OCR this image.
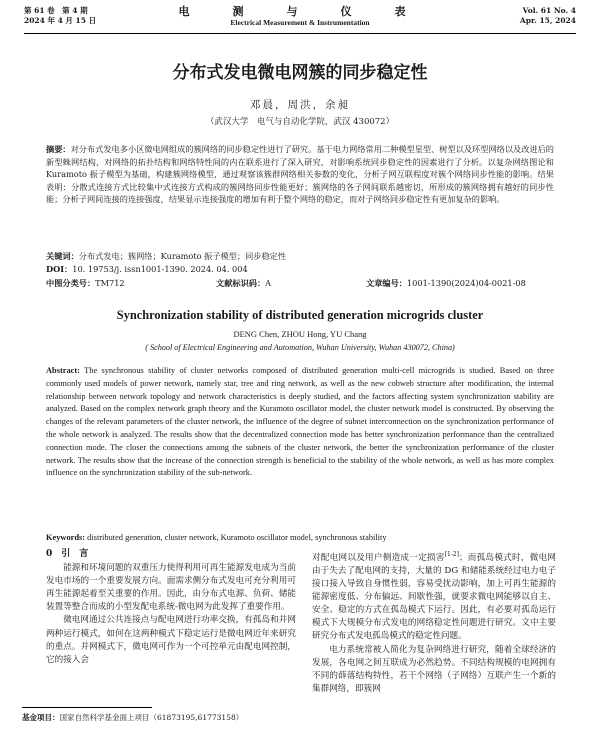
第 61 卷　第 4 期
2024 年 4 月 15 日
电　测　与　仪　表
Electrical Measurement & Instrumentation
Vol. 61 No. 4
Apr. 15, 2024
分布式发电微电网簇的同步稳定性
邓晨，周洪，余昶
（武汉大学　电气与自动化学院，武汉 430072）
摘要：对分布式发电多小区微电网组成的簇网络的同步稳定性进行了研究。基于电力网络常用二种模型星型、树型以及环型网络以及改进后的新型蛛网结构，对网络的拓扑结构和网络特性间的内在联系进行了深入研究，对影响系统同步稳定性的因素进行了分析。以复杂网络图论和 Kuramoto 振子模型为基础，构建簇网络模型，通过观察该簇群网络相关参数的变化，分析子网互联程度对簇个网络同步性能的影响。结果表明：分散式连接方式比较集中式连接方式构成的簇网络同步性能更好；簇网络的各子网间联系越密切，所形成的簇网络拥有越好的同步性能；分析子网间连接的连接强度，结果显示连接强度的增加有利于整个网络的稳定，而对子网络同步稳定性有更加复杂的影响。
关键词：分布式发电；簇网络；Kuramoto 振子模型；同步稳定性
DOI：10. 19753/j. issn1001-1390. 2024. 04. 004
中图分类号：TM712	文献标识码：A	文章编号：1001-1390(2024)04-0021-08
Synchronization stability of distributed generation microgrids cluster
DENG Chen, ZHOU Hong, YU Chang
( School of Electrical Engineering and Automation, Wuhan University, Wuhan 430072, China)
Abstract: The synchronous stability of cluster networks composed of distributed generation multi-cell microgrids is studied. Based on three commonly used models of power network, namely star, tree and ring network, as well as the new cobweb structure after modification, the internal relationship between network topology and network characteristics is deeply studied, and the factors affecting system synchronization stability are analyzed. Based on the complex network graph theory and the Kuramoto oscillator model, the cluster network model is constructed. By observing the changes of the relevant parameters of the cluster network, the influence of the degree of subnet interconnection on the synchronization performance of the whole network is analyzed. The results show that the decentralized connection mode has better synchronization performance than the centralized connection mode. The closer the connections among the subnets of the cluster network, the better the synchronization performance of the cluster network. The results show that the increase of the connection strength is beneficial to the stability of the whole network, as well as has more complex influence on the synchronization stability of the sub-network.
Keywords: distributed generation, cluster network, Kuramoto oscillator model, synchronous stability
0　引　言

能源和环境问题的双重压力使得利用可再生能源发电成为当前发电市场的一个重要发展方向。面需求侧分布式发电可充分利用可再生能源起着至关重要的作用。因此，由分布式电源、负荷、储能装置等整合而成的小型发配电系统-微电网为此发挥了重要作用。

微电网通过公共连接点与配电网进行功率交换，有孤岛和并网两种运行模式，如何在这两种模式下稳定运行是微电网近年来研究的重点。并网模式下，微电网可作为一个可控单元由配电网控制，它的接入会

对配电网以及用户侧造成一定损害[1-2]；而孤岛模式时，微电网由于失去了配电网的支持，大量的 DG 和储能系统经过电力电子接口接入导致自身惯性弱，容易受扰动影响，加上可再生能源的能源密度低、分布偏远、间歇性强，就要求微电网能够以自主、安全、稳定的方式在孤岛模式下运行。因此，有必要对孤岛运行模式下大规模分布式发电的网络稳定性问题进行研究。文中主要研究分布式发电孤岛模式的稳定性问题。

电力系统常被人简化为复杂网络进行研究，随着全球经济的发展，各电网之间互联成为必然趋势。不同结构规模的电网拥有不同的薛落结构特性，若干个网络（子网络）互联产生一个新的集群网络，即簇网

基金项目：国家自然科学基金面上项目（61873195,61773158）
